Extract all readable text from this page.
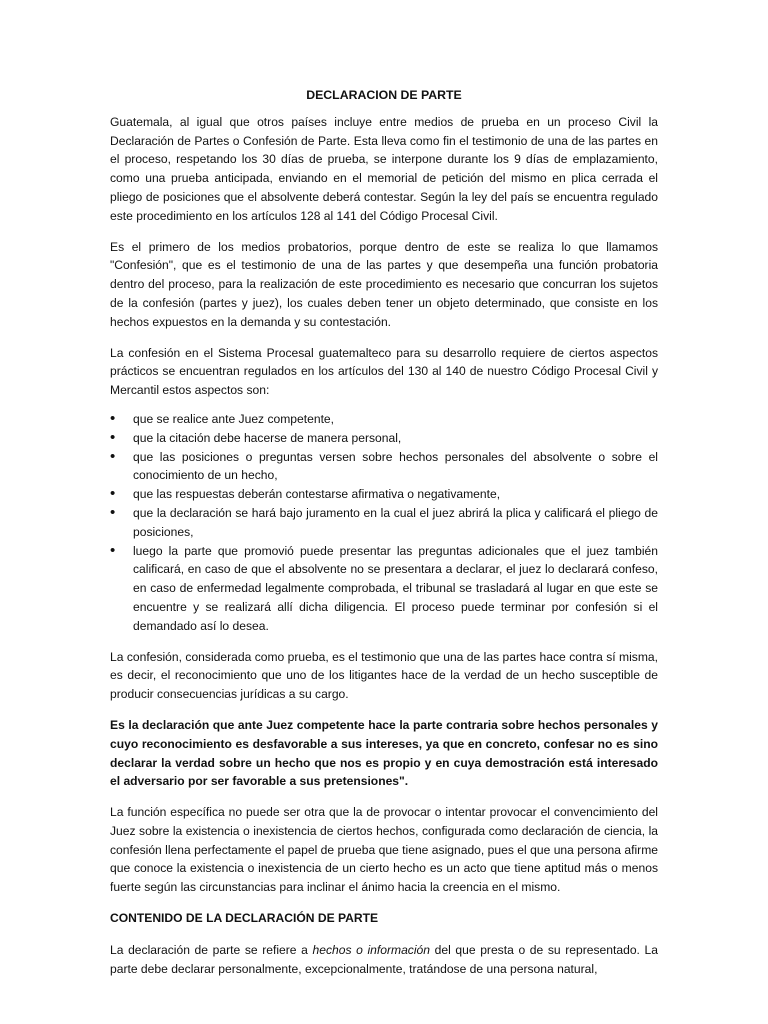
DECLARACION DE PARTE

Guatemala, al igual que otros países incluye entre medios de prueba en un proceso Civil la Declaración de Partes o Confesión de Parte. Esta lleva como fin el testimonio de una de las partes en el proceso, respetando los 30 días de prueba, se interpone durante los 9 días de emplazamiento, como una prueba anticipada, enviando en el memorial de petición del mismo en plica cerrada el pliego de posiciones que el absolvente deberá contestar. Según la ley del país se encuentra regulado este procedimiento en los artículos 128 al 141 del Código Procesal Civil.

Es el primero de los medios probatorios, porque dentro de este se realiza lo que llamamos "Confesión", que es el testimonio de una de las partes y que desempeña una función probatoria dentro del proceso, para la realización de este procedimiento es necesario que concurran los sujetos de la confesión (partes y juez), los cuales deben tener un objeto determinado, que consiste en los hechos expuestos en la demanda y su contestación.

La confesión en el Sistema Procesal guatemalteco para su desarrollo requiere de ciertos aspectos prácticos se encuentran regulados en los artículos del 130 al 140 de nuestro Código Procesal Civil y Mercantil estos aspectos son:

• que se realice ante Juez competente,
• que la citación debe hacerse de manera personal,
• que las posiciones o preguntas versen sobre hechos personales del absolvente o sobre el conocimiento de un hecho,
• que las respuestas deberán contestarse afirmativa o negativamente,
• que la declaración se hará bajo juramento en la cual el juez abrirá la plica y calificará el pliego de posiciones,
• luego la parte que promovió puede presentar las preguntas adicionales que el juez también calificará, en caso de que el absolvente no se presentara a declarar, el juez lo declarará confeso, en caso de enfermedad legalmente comprobada, el tribunal se trasladará al lugar en que este se encuentre y se realizará allí dicha diligencia. El proceso puede terminar por confesión si el demandado así lo desea.

La confesión, considerada como prueba, es el testimonio que una de las partes hace contra sí misma, es decir, el reconocimiento que uno de los litigantes hace de la verdad de un hecho susceptible de producir consecuencias jurídicas a su cargo.

Es la declaración que ante Juez competente hace la parte contraria sobre hechos personales y cuyo reconocimiento es desfavorable a sus intereses, ya que en concreto, confesar no es sino declarar la verdad sobre un hecho que nos es propio y en cuya demostración está interesado el adversario por ser favorable a sus pretensiones".

La función específica no puede ser otra que la de provocar o intentar provocar el convencimiento del Juez sobre la existencia o inexistencia de ciertos hechos, configurada como declaración de ciencia, la confesión llena perfectamente el papel de prueba que tiene asignado, pues el que una persona afirme que conoce la existencia o inexistencia de un cierto hecho es un acto que tiene aptitud más o menos fuerte según las circunstancias para inclinar el ánimo hacia la creencia en el mismo.

CONTENIDO DE LA DECLARACIÓN DE PARTE

La declaración de parte se refiere a hechos o información del que presta o de su representado. La parte debe declarar personalmente, excepcionalmente, tratándose de una persona natural,
